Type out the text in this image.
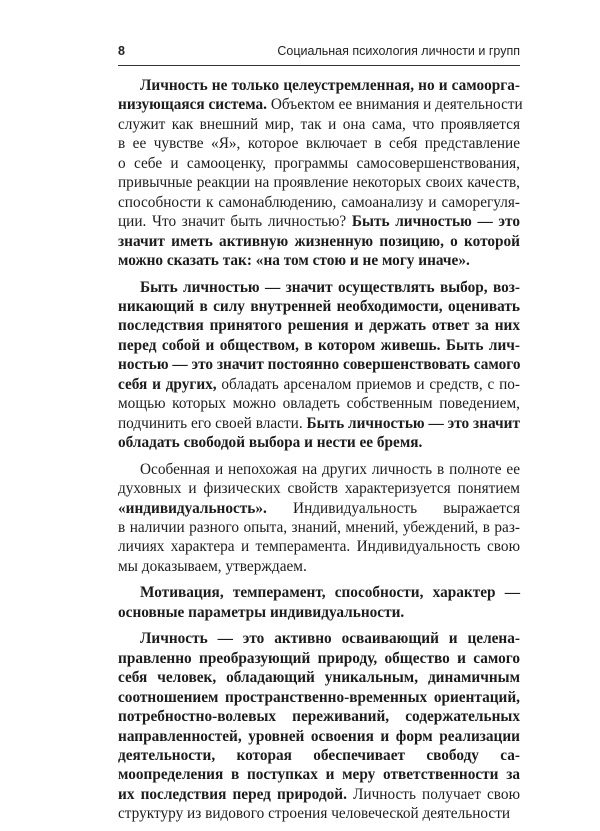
8	Социальная психология личности и групп
Личность не только целеустремленная, но и самоорга-
низующаяся система. Объектом ее внимания и деятельности
служит как внешний мир, так и она сама, что проявляется
в ее чувстве «Я», которое включает в себя представление
о себе и самооценку, программы самосовершенствования,
привычные реакции на проявление некоторых своих качеств,
способности к самонаблюдению, самоанализу и саморегуля-
ции. Что значит быть личностью? Быть личностью — это
значит иметь активную жизненную позицию, о которой
можно сказать так: «на том стою и не могу иначе».
Быть личностью — значит осуществлять выбор, воз-
никающий в силу внутренней необходимости, оценивать
последствия принятого решения и держать ответ за них
перед собой и обществом, в котором живешь. Быть лич-
ностью — это значит постоянно совершенствовать самого
себя и других, обладать арсеналом приемов и средств, с по-
мощью которых можно овладеть собственным поведением,
подчинить его своей власти. Быть личностью — это значит
обладать свободой выбора и нести ее бремя.
Особенная и непохожая на других личность в полноте ее
духовных и физических свойств характеризуется понятием
«индивидуальность». Индивидуальность выражается
в наличии разного опыта, знаний, мнений, убеждений, в раз-
личиях характера и темперамента. Индивидуальность свою
мы доказываем, утверждаем.
Мотивация, темперамент, способности, характер —
основные параметры индивидуальности.
Личность — это активно осваивающий и целена-
правленно преобразующий природу, общество и самого
себя человек, обладающий уникальным, динамичным
соотношением пространственно-временных ориентаций,
потребностно-волевых переживаний, содержательных
направленностей, уровней освоения и форм реализации
деятельности, которая обеспечивает свободу са-
моопределения в поступках и меру ответственности за
их последствия перед природой. Личность получает свою
структуру из видового строения человеческой деятельности
